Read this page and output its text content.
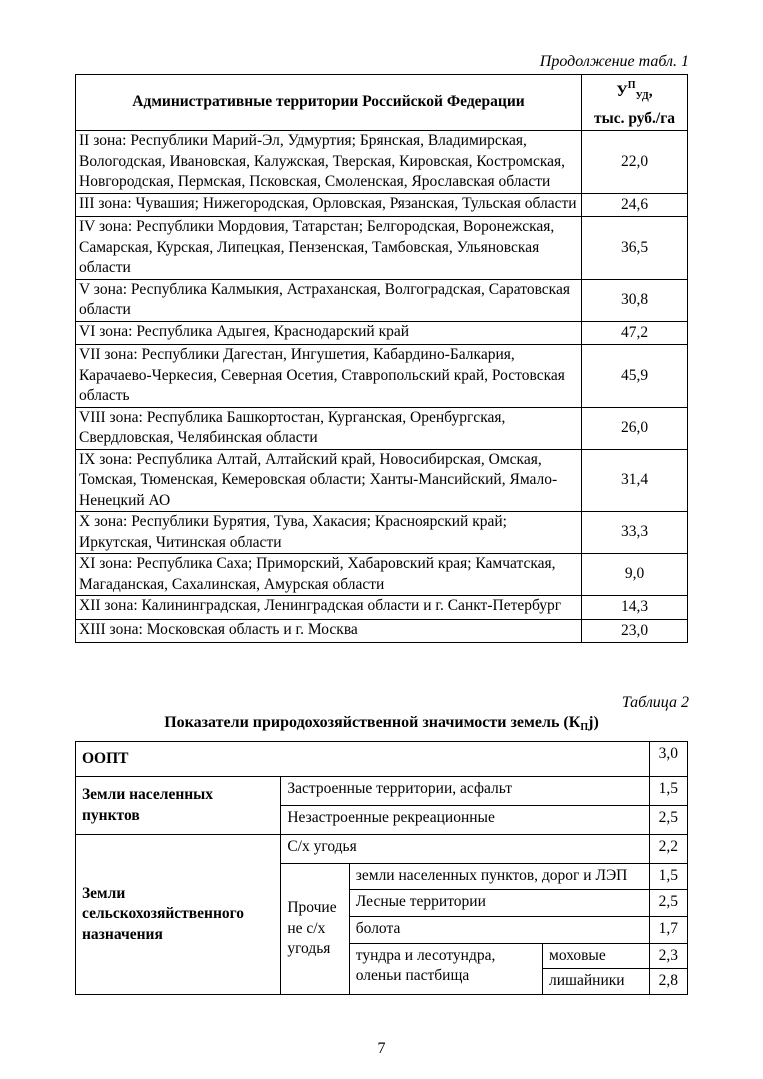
Продолжение табл. 1
Административные территории Российской Федерации	$У^П_{УД}$,
тыс. руб./га
II зона: Республики Марий-Эл, Удмуртия; Брянская, Владимирская, Вологодская, Ивановская, Калужская, Тверская, Кировская, Костромская, Новгородская, Пермская, Псковская, Смоленская, Ярославская области	22,0
III зона: Чувашия; Нижегородская, Орловская, Рязанская, Тульская области	24,6
IV зона: Республики Мордовия, Татарстан; Белгородская, Воронежская, Самарская, Курская, Липецкая, Пензенская, Тамбовская, Ульяновская области	36,5
V зона: Республика Калмыкия, Астраханская, Волгоградская, Саратовская области	30,8
VI зона: Республика Адыгея, Краснодарский край	47,2
VII зона: Республики Дагестан, Ингушетия, Кабардино-Балкария, Карачаево-Черкесия, Северная Осетия, Ставропольский край, Ростовская область	45,9
VIII зона: Республика Башкортостан, Курганская, Оренбургская, Свердловская, Челябинская области	26,0
IX зона: Республика Алтай, Алтайский край, Новосибирская, Омская, Томская, Тюменская, Кемеровская области; Ханты-Мансийский, Ямало-Ненецкий АО	31,4
X зона: Республики Бурятия, Тува, Хакасия; Красноярский край; Иркутская, Читинская области	33,3
XI зона: Республика Саха; Приморский, Хабаровский края; Камчатская, Магаданская, Сахалинская, Амурская области	9,0
XII зона: Калининградская, Ленинградская области и г. Санкт-Петербург	14,3
XIII зона: Московская область и г. Москва	23,0
Таблица 2
Показатели природохозяйственной значимости земель $(К_Пj)$
ООПТ				3,0
Земли населенных пунктов	Застроенные территории, асфальт			1,5
	Незастроенные рекреационные			2,5
Земли сельскохозяйственного назначения	С/х угодья			2,2
	Прочие не с/х угодья	земли населенных пунктов, дорог и ЛЭП		1,5
		Лесные территории		2,5
		болота		1,7
		тундра и лесотундра, оленьи пастбища	моховые	2,3
			лишайники	2,8
7
